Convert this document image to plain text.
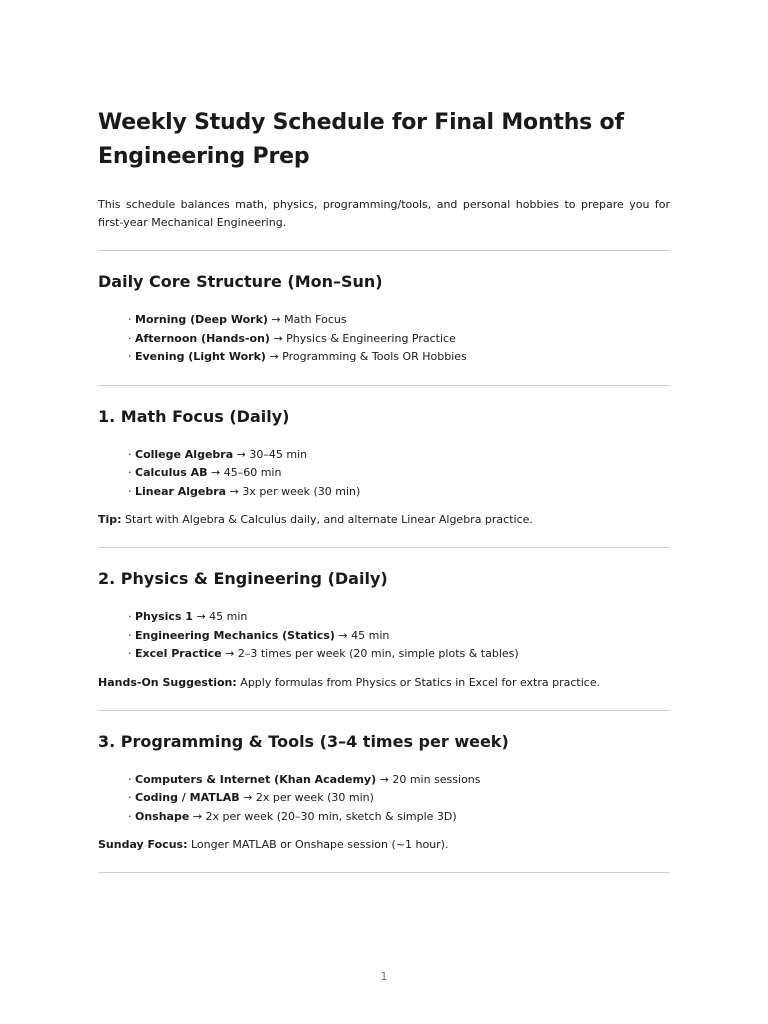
Weekly Study Schedule for Final Months of Engineering Prep

This schedule balances math, physics, programming/tools, and personal hobbies to prepare you for first-year Mechanical Engineering.

Daily Core Structure (Mon–Sun)
· Morning (Deep Work) → Math Focus
· Afternoon (Hands-on) → Physics & Engineering Practice
· Evening (Light Work) → Programming & Tools OR Hobbies
1. Math Focus (Daily)
· College Algebra → 30–45 min
· Calculus AB → 45–60 min
· Linear Algebra → 3x per week (30 min)

Tip: Start with Algebra & Calculus daily, and alternate Linear Algebra practice.

2. Physics & Engineering (Daily)
· Physics 1 → 45 min
· Engineering Mechanics (Statics) → 45 min
· Excel Practice → 2–3 times per week (20 min, simple plots & tables)

Hands-On Suggestion: Apply formulas from Physics or Statics in Excel for extra practice.

3. Programming & Tools (3–4 times per week)
· Computers & Internet (Khan Academy) → 20 min sessions
· Coding / MATLAB → 2x per week (30 min)
· Onshape → 2x per week (20–30 min, sketch & simple 3D)

Sunday Focus: Longer MATLAB or Onshape session (~1 hour).

1
